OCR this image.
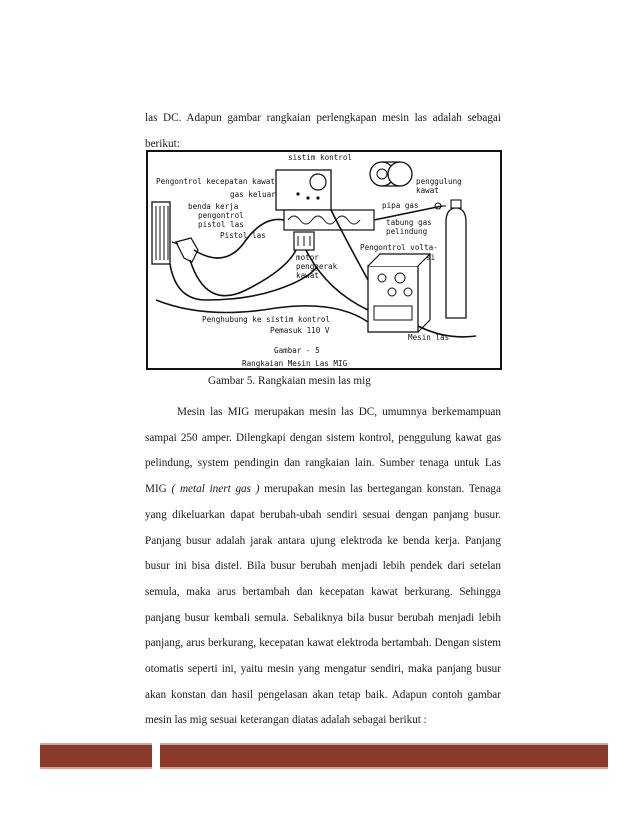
las DC. Adapun gambar rangkaian perlengkapan mesin las adalah sebagai berikut:

sistim kontrol
Pengontrol kecepatan kawat
gas keluar
benda kerja
pengontrol
pistol las
Pistol las
penggulung
kawat
pipa gas
tabung gas
pelindung
Pengontrol volta-
si
motor
penggerak
kawat
Penghubung ke sistim kontrol
Pemasuk 110 V
Mesin las
Gambar - 5
Rangkaian Mesin Las MIG

Gambar 5. Rangkaian mesin las mig

Mesin las MIG merupakan mesin las DC, umumnya berkemampuan sampai 250 amper. Dilengkapi dengan sistem kontrol, penggulung kawat gas pelindung, system pendingin dan rangkaian lain. Sumber tenaga untuk Las MIG ( metal inert gas ) merupakan mesin las bertegangan konstan. Tenaga yang dikeluarkan dapat berubah-ubah sendiri sesuai dengan panjang busur. Panjang busur adalah jarak antara ujung elektroda ke benda kerja. Panjang busur ini bisa distel. Bila busur berubah menjadi lebih pendek dari setelan semula, maka arus bertambah dan kecepatan kawat berkurang. Sehingga panjang busur kembali semula. Sebaliknya bila busur berubah menjadi lebih panjang, arus berkurang, kecepatan kawat elektroda bertambah. Dengan sistem otomatis seperti ini, yaitu mesin yang mengatur sendiri, maka panjang busur akan konstan dan hasil pengelasan akan tetap baik. Adapun contoh gambar mesin las mig sesuai keterangan diatas adalah sebagai berikut :
